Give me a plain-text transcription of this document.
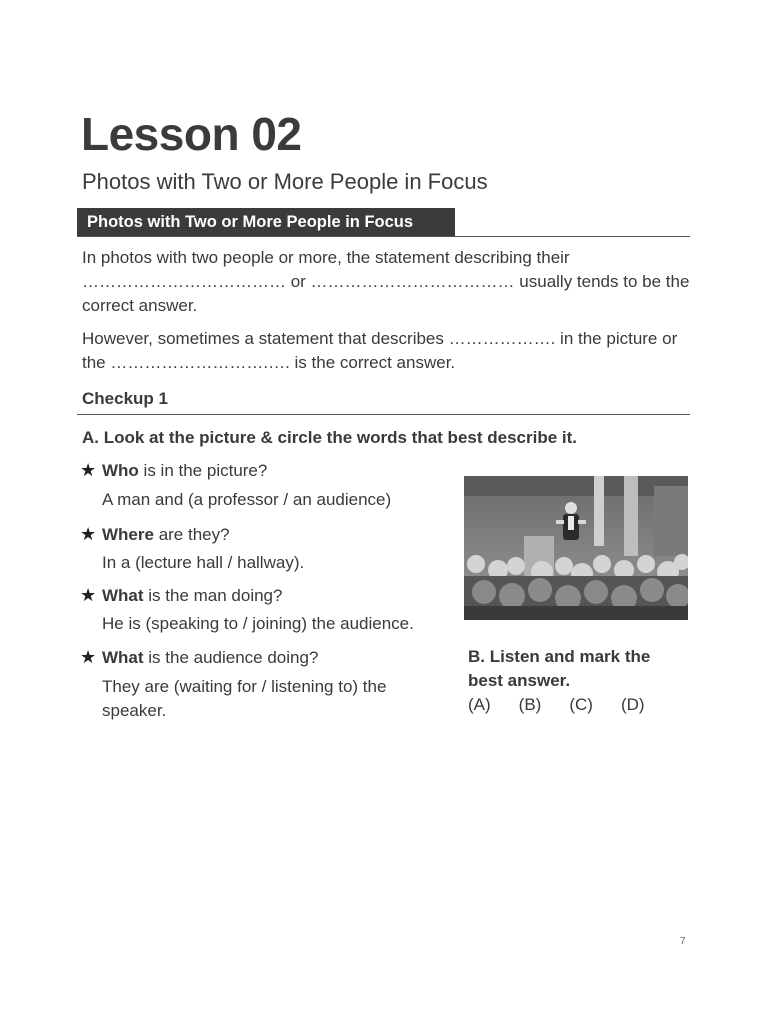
Lesson 02
Photos with Two or More People in Focus
Photos with Two or More People in Focus
In photos with two people or more, the statement describing their ……………………………… or ……………………………… usually tends to be the correct answer.
However, sometimes a statement that describes ………………. in the picture or the ……………………….…. is the correct answer.
Checkup 1
A. Look at the picture & circle the words that best describe it.
★ Who is in the picture?
A man and (a professor / an audience)
★ Where are they?
In a (lecture hall / hallway).
★ What is the man doing?
He is (speaking to / joining) the audience.
★ What is the audience doing?
They are (waiting for / listening to) the speaker.
B. Listen and mark the best answer.
(A) (B) (C) (D)
7
